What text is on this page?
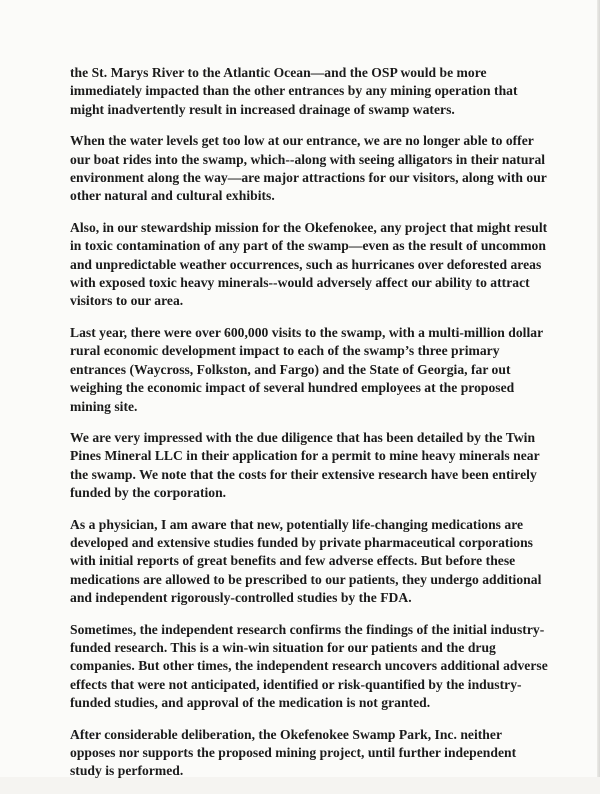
the St. Marys River to the Atlantic Ocean—and the OSP would be more immediately impacted than the other entrances by any mining operation that might inadvertently result in increased drainage of swamp waters.

When the water levels get too low at our entrance, we are no longer able to offer our boat rides into the swamp, which--along with seeing alligators in their natural environment along the way—are major attractions for our visitors, along with our other natural and cultural exhibits.

Also, in our stewardship mission for the Okefenokee, any project that might result in toxic contamination of any part of the swamp—even as the result of uncommon and unpredictable weather occurrences, such as hurricanes over deforested areas with exposed toxic heavy minerals--would adversely affect our ability to attract visitors to our area.

Last year, there were over 600,000 visits to the swamp, with a multi-million dollar rural economic development impact to each of the swamp’s three primary entrances (Waycross, Folkston, and Fargo) and the State of Georgia, far out weighing the economic impact of several hundred employees at the proposed mining site.

We are very impressed with the due diligence that has been detailed by the Twin Pines Mineral LLC in their application for a permit to mine heavy minerals near the swamp. We note that the costs for their extensive research have been entirely funded by the corporation.

As a physician, I am aware that new, potentially life-changing medications are developed and extensive studies funded by private pharmaceutical corporations with initial reports of great benefits and few adverse effects. But before these medications are allowed to be prescribed to our patients, they undergo additional and independent rigorously-controlled studies by the FDA.

Sometimes, the independent research confirms the findings of the initial industry-funded research. This is a win-win situation for our patients and the drug companies. But other times, the independent research uncovers additional adverse effects that were not anticipated, identified or risk-quantified by the industry-funded studies, and approval of the medication is not granted.

After considerable deliberation, the Okefenokee Swamp Park, Inc. neither opposes nor supports the proposed mining project, until further independent study is performed.
